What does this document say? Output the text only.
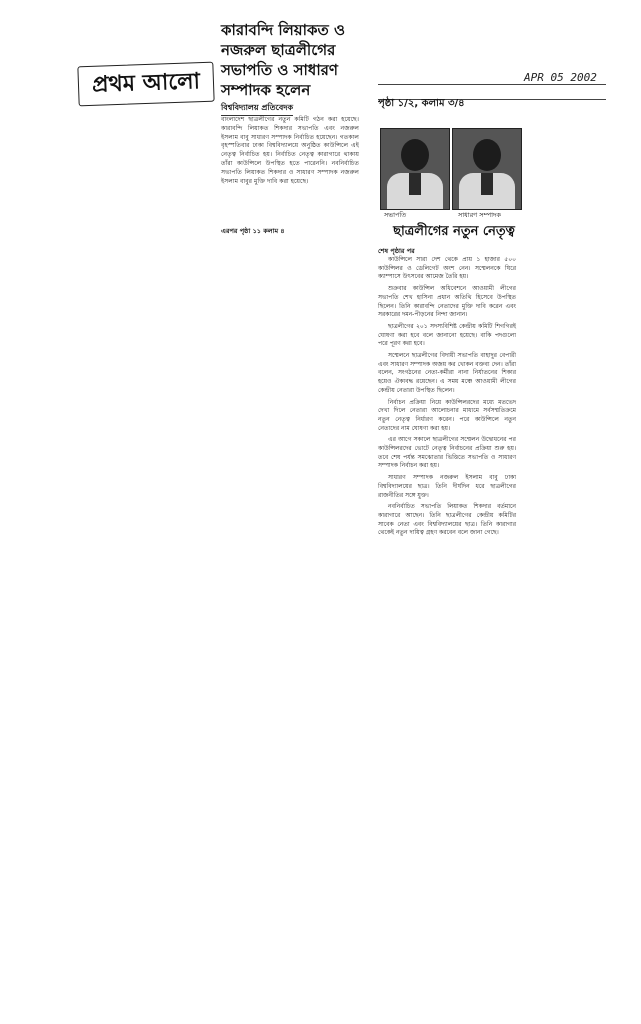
প্রথম আলো
কারাবন্দি লিয়াকত ও নজরুল ছাত্রলীগের সভাপতি ও সাধারণ সম্পাদক হলেন
বিশ্ববিদ্যালয় প্রতিবেদক
বাংলাদেশ ছাত্রলীগের নতুন কমিটি গঠন করা হয়েছে। কারাবন্দি লিয়াকত শিকদার সভাপতি এবং নজরুল ইসলাম বাবু সাধারণ সম্পাদক নির্বাচিত হয়েছেন। গতকাল বৃহস্পতিবার ঢাকা বিশ্ববিদ্যালয়ে অনুষ্ঠিত কাউন্সিলে এই নেতৃত্ব নির্বাচিত হয়। নির্বাচিত নেতৃত্ব কারাগারে থাকায় তাঁরা কাউন্সিলে উপস্থিত হতে পারেননি। নবনির্বাচিত সভাপতি লিয়াকত শিকদার ও সাধারণ সম্পাদক নজরুল ইসলাম বাবুর মুক্তি দাবি করা হয়েছে।
এরপর পৃষ্ঠা ১১ কলাম ৪
APR 05 2002
পৃষ্ঠা ১/২, কলাম ৩/৪
সভাপতি	সাধারণ সম্পাদক
ছাত্রলীগের নতুন নেতৃত্ব
শেষ পৃষ্ঠার পর

কাউন্সিলে সারা দেশ থেকে প্রায় ১ হাজার ৫০০ কাউন্সিলর ও ডেলিগেট অংশ নেন। সম্মেলনকে ঘিরে ক্যাম্পাসে উৎসবের আমেজ তৈরি হয়।

শুক্রবার কাউন্সিল অধিবেশনে আওয়ামী লীগের সভাপতি শেখ হাসিনা প্রধান অতিথি হিসেবে উপস্থিত ছিলেন। তিনি কারাবন্দি নেতাদের মুক্তি দাবি করেন এবং সরকারের দমন-পীড়নের নিন্দা জানান।

ছাত্রলীগের ২০১ সদস্যবিশিষ্ট কেন্দ্রীয় কমিটি শিগগিরই ঘোষণা করা হবে বলে জানানো হয়েছে। বাকি পদগুলো পরে পূরণ করা হবে।

সম্মেলনে ছাত্রলীগের বিদায়ী সভাপতি বাহাদুর বেপারী এবং সাধারণ সম্পাদক অজয় কর খোকন বক্তব্য দেন। তাঁরা বলেন, সংগঠনের নেতা-কর্মীরা নানা নির্যাতনের শিকার হয়েও ঐক্যবদ্ধ রয়েছেন। এ সময় মঞ্চে আওয়ামী লীগের কেন্দ্রীয় নেতারা উপস্থিত ছিলেন।

নির্বাচন প্রক্রিয়া নিয়ে কাউন্সিলরদের মধ্যে মতভেদ দেখা দিলে নেতারা আলোচনার মাধ্যমে সর্বসম্মতিক্রমে নতুন নেতৃত্ব নির্ধারণ করেন। পরে কাউন্সিলে নতুন নেতাদের নাম ঘোষণা করা হয়।

এর আগে সকালে ছাত্রলীগের সম্মেলন উদ্বোধনের পর কাউন্সিলরদের ভোটে নেতৃত্ব নির্বাচনের প্রক্রিয়া শুরু হয়। তবে শেষ পর্যন্ত সমঝোতার ভিত্তিতে সভাপতি ও সাধারণ সম্পাদক নির্বাচন করা হয়।

সাধারণ সম্পাদক নজরুল ইসলাম বাবু ঢাকা বিশ্ববিদ্যালয়ের ছাত্র। তিনি দীর্ঘদিন ধরে ছাত্রলীগের রাজনীতির সঙ্গে যুক্ত।

নবনির্বাচিত সভাপতি লিয়াকত শিকদার বর্তমানে কারাগারে আছেন। তিনি ছাত্রলীগের কেন্দ্রীয় কমিটির সাবেক নেতা এবং বিশ্ববিদ্যালয়ের ছাত্র। তিনি কারাগার থেকেই নতুন দায়িত্ব গ্রহণ করবেন বলে জানা গেছে।
